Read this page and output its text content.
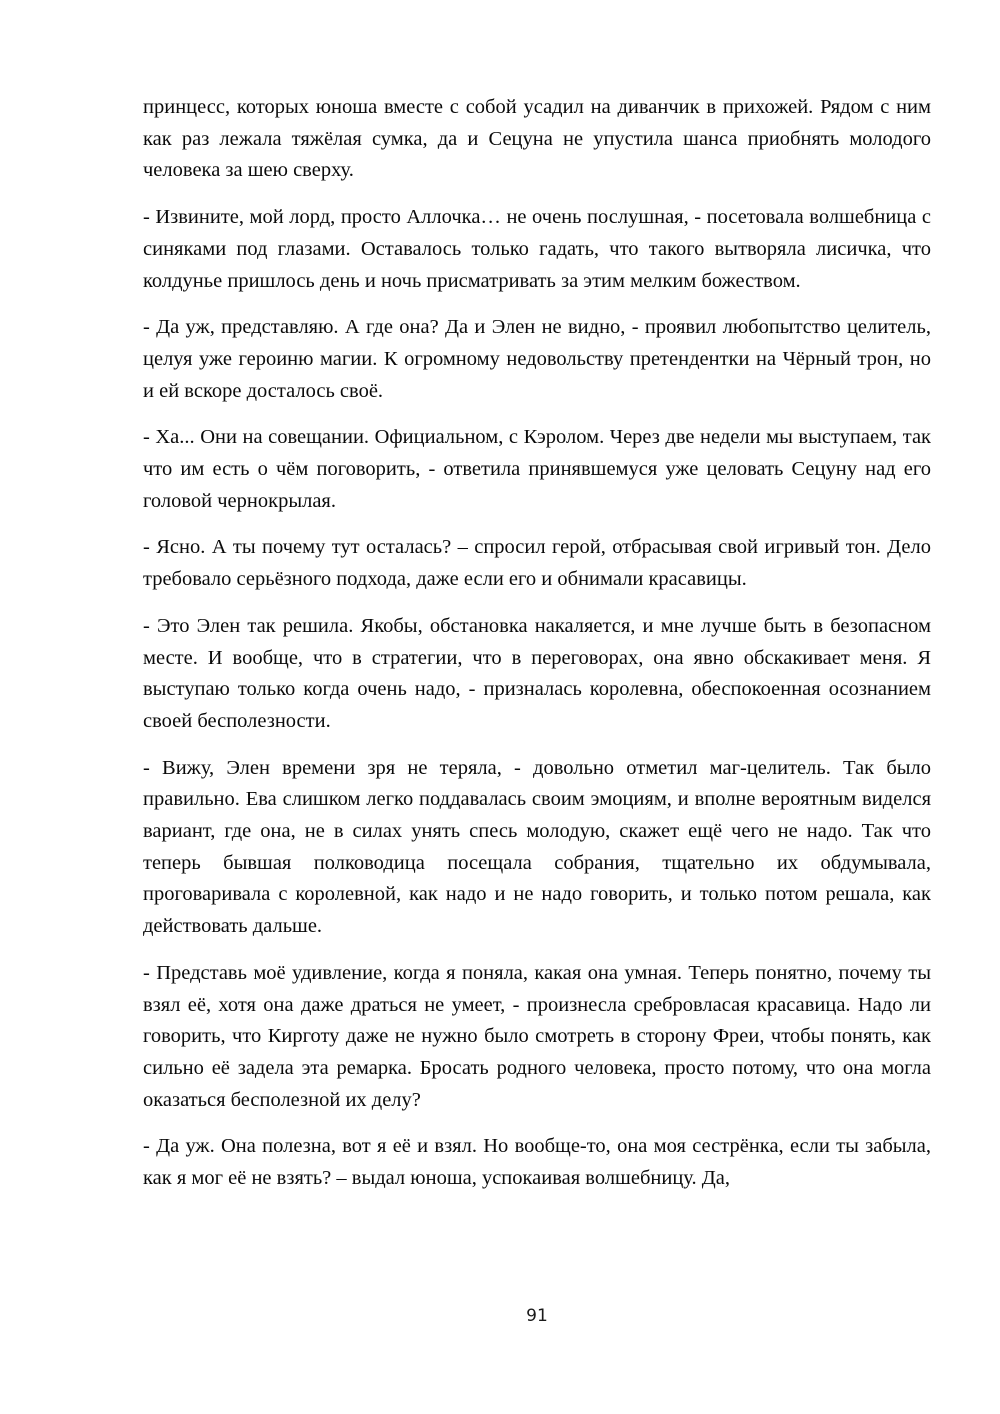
принцесс, которых юноша вместе с собой усадил на диванчик в прихожей. Рядом с ним как раз лежала тяжёлая сумка, да и Сецуна не упустила шанса приобнять молодого человека за шею сверху.

- Извините, мой лорд, просто Аллочка… не очень послушная, - посетовала волшебница с синяками под глазами. Оставалось только гадать, что такого вытворяла лисичка, что колдунье пришлось день и ночь присматривать за этим мелким божеством.

- Да уж, представляю. А где она? Да и Элен не видно, - проявил любопытство целитель, целуя уже героиню магии. К огромному недовольству претендентки на Чёрный трон, но и ей вскоре досталось своё.

- Ха... Они на совещании. Официальном, с Кэролом. Через две недели мы выступаем, так что им есть о чём поговорить, - ответила принявшемуся уже целовать Сецуну над его головой чернокрылая.

- Ясно. А ты почему тут осталась? – спросил герой, отбрасывая свой игривый тон. Дело требовало серьёзного подхода, даже если его и обнимали красавицы.

- Это Элен так решила. Якобы, обстановка накаляется, и мне лучше быть в безопасном месте. И вообще, что в стратегии, что в переговорах, она явно обскакивает меня. Я выступаю только когда очень надо, - призналась королевна, обеспокоенная осознанием своей бесполезности.

- Вижу, Элен времени зря не теряла, - довольно отметил маг-целитель. Так было правильно. Ева слишком легко поддавалась своим эмоциям, и вполне вероятным виделся вариант, где она, не в силах унять спесь молодую, скажет ещё чего не надо. Так что теперь бывшая полководица посещала собрания, тщательно их обдумывала, проговаривала с королевной, как надо и не надо говорить, и только потом решала, как действовать дальше.

- Представь моё удивление, когда я поняла, какая она умная. Теперь понятно, почему ты взял её, хотя она даже драться не умеет, - произнесла сребровласая красавица. Надо ли говорить, что Кирготу даже не нужно было смотреть в сторону Фреи, чтобы понять, как сильно её задела эта ремарка. Бросать родного человека, просто потому, что она могла оказаться бесполезной их делу?

- Да уж. Она полезна, вот я её и взял. Но вообще-то, она моя сестрёнка, если ты забыла, как я мог её не взять? – выдал юноша, успокаивая волшебницу. Да,

91
